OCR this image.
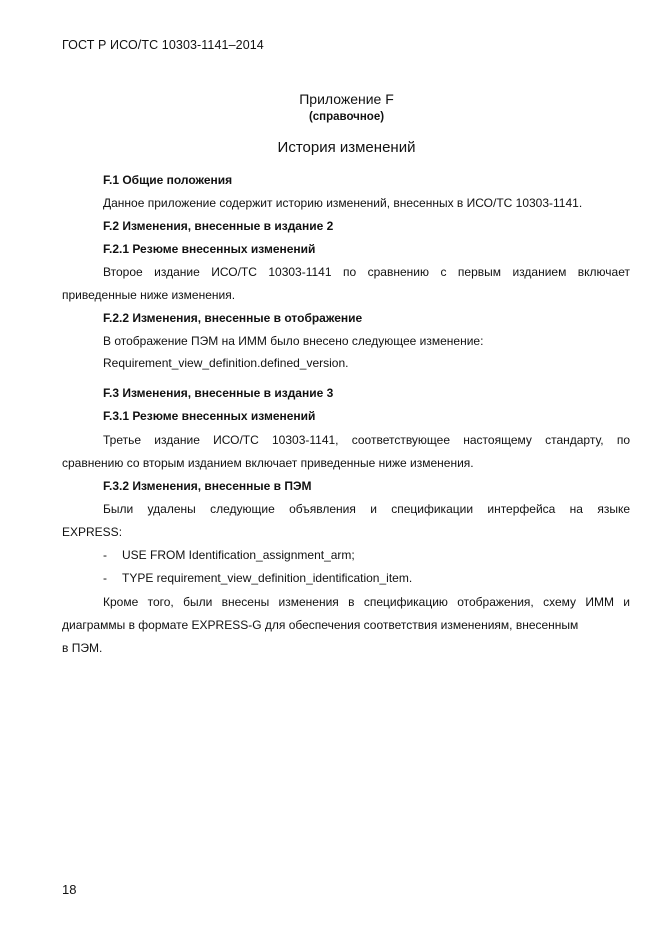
ГОСТ Р ИСО/ТС 10303-1141–2014
Приложение F
(справочное)
История изменений
F.1 Общие положения
Данное приложение содержит историю изменений, внесенных в ИСО/ТС 10303-1141.
F.2 Изменения, внесенные в издание 2
F.2.1 Резюме внесенных изменений
Второе издание ИСО/ТС 10303-1141 по сравнению с первым изданием включает
приведенные ниже изменения.
F.2.2 Изменения, внесенные в отображение
В отображение ПЭМ на ИММ было внесено следующее изменение:
Requirement_view_definition.defined_version.
F.3 Изменения, внесенные в издание 3
F.3.1 Резюме внесенных изменений
Третье издание ИСО/ТС 10303-1141, соответствующее настоящему стандарту, по
сравнению со вторым изданием включает приведенные ниже изменения.
F.3.2 Изменения, внесенные в ПЭМ
Были удалены следующие объявления и спецификации интерфейса на языке
EXPRESS:
- USE FROM Identification_assignment_arm;
- TYPE requirement_view_definition_identification_item.
Кроме того, были внесены изменения в спецификацию отображения, схему ИММ и
диаграммы в формате EXPRESS-G для обеспечения соответствия изменениям, внесенным
в ПЭМ.
18
